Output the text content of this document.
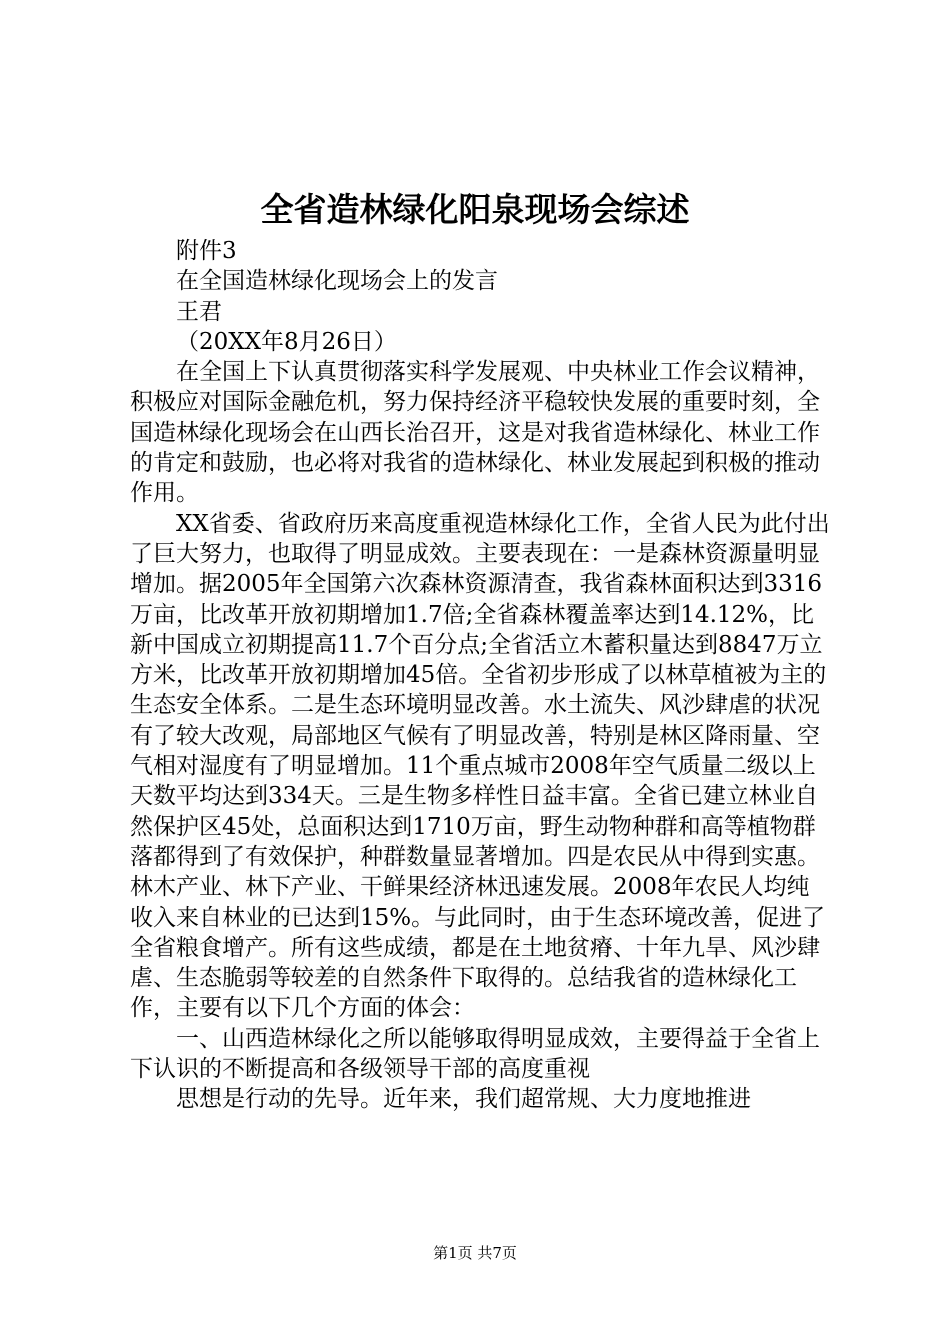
全省造林绿化阳泉现场会综述

附件3

在全国造林绿化现场会上的发言

王君

（20XX年8月26日）

在全国上下认真贯彻落实科学发展观、中央林业工作会议精神，积极应对国际金融危机，努力保持经济平稳较快发展的重要时刻，全国造林绿化现场会在山西长治召开，这是对我省造林绿化、林业工作的肯定和鼓励，也必将对我省的造林绿化、林业发展起到积极的推动作用。

XX省委、省政府历来高度重视造林绿化工作，全省人民为此付出了巨大努力，也取得了明显成效。主要表现在：一是森林资源量明显增加。据2005年全国第六次森林资源清查，我省森林面积达到3316万亩，比改革开放初期增加1.7倍;全省森林覆盖率达到14.12%，比新中国成立初期提高11.7个百分点;全省活立木蓄积量达到8847万立方米，比改革开放初期增加45倍。全省初步形成了以林草植被为主的生态安全体系。二是生态环境明显改善。水土流失、风沙肆虐的状况有了较大改观，局部地区气候有了明显改善，特别是林区降雨量、空气相对湿度有了明显增加。11个重点城市2008年空气质量二级以上天数平均达到334天。三是生物多样性日益丰富。全省已建立林业自然保护区45处，总面积达到1710万亩，野生动物种群和高等植物群落都得到了有效保护，种群数量显著增加。四是农民从中得到实惠。林木产业、林下产业、干鲜果经济林迅速发展。2008年农民人均纯收入来自林业的已达到15%。与此同时，由于生态环境改善，促进了全省粮食增产。所有这些成绩，都是在土地贫瘠、十年九旱、风沙肆虐、生态脆弱等较差的自然条件下取得的。总结我省的造林绿化工作，主要有以下几个方面的体会：

一、山西造林绿化之所以能够取得明显成效，主要得益于全省上下认识的不断提高和各级领导干部的高度重视

思想是行动的先导。近年来，我们超常规、大力度地推进

第1页 共7页
